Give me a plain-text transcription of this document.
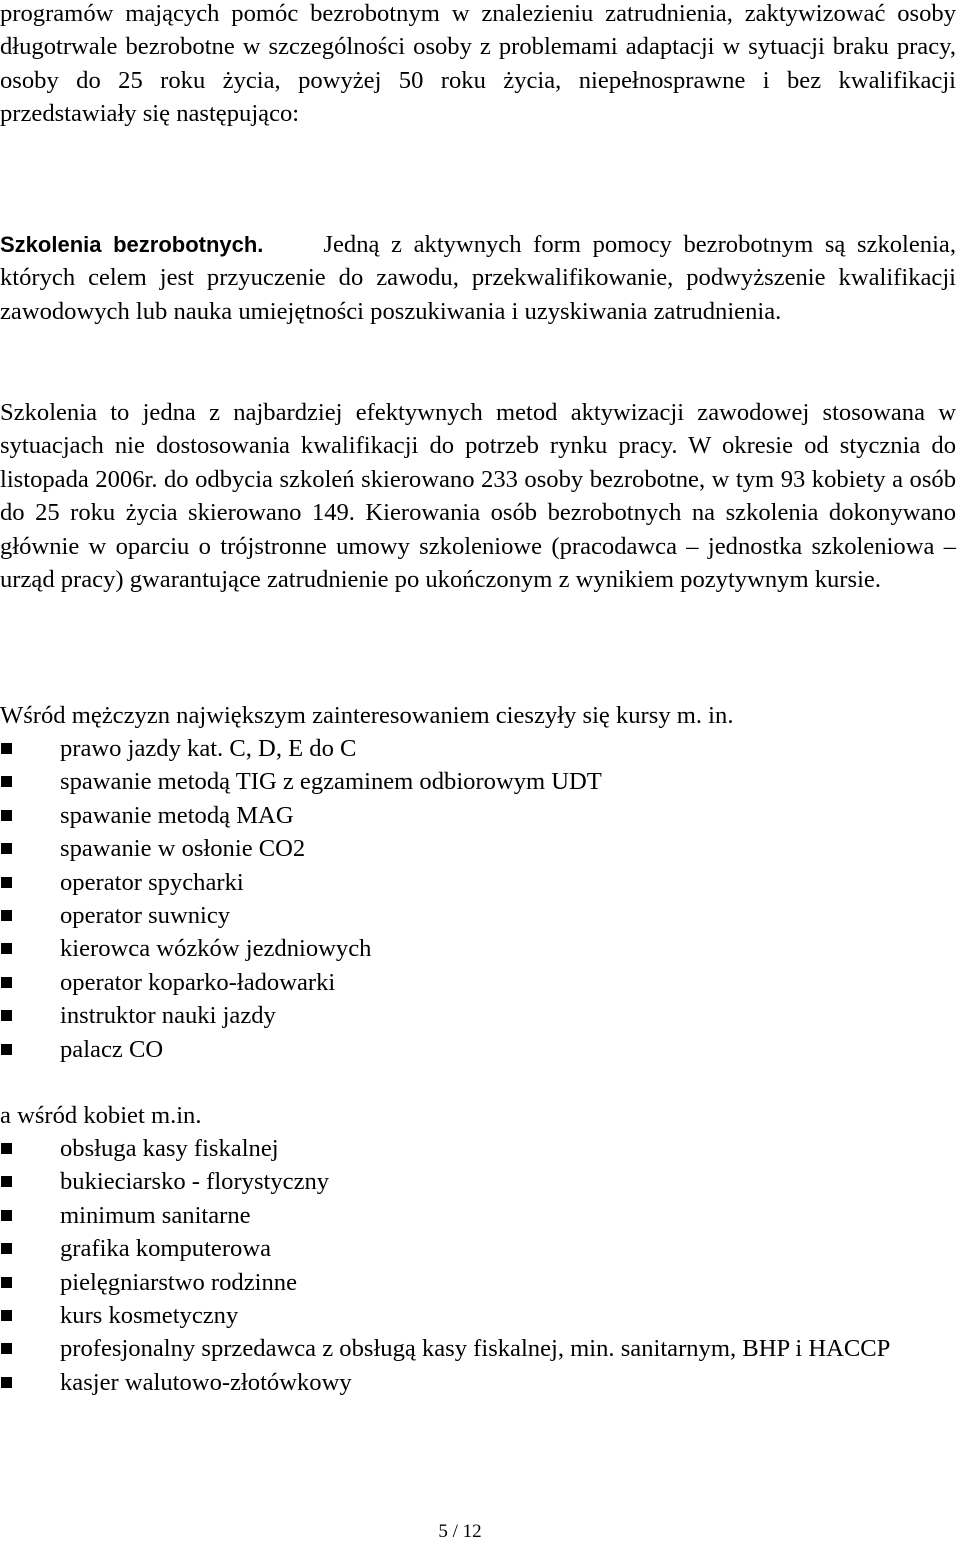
programów mających pomóc bezrobotnym w znalezieniu zatrudnienia, zaktywizować osoby długotrwale bezrobotne w szczególności osoby z problemami adaptacji w sytuacji braku pracy, osoby do 25 roku życia, powyżej 50 roku życia, niepełnosprawne i bez kwalifikacji przedstawiały się następująco:

Szkolenia bezrobotnych. Jedną z aktywnych form pomocy bezrobotnym są szkolenia, których celem jest przyuczenie do zawodu, przekwalifikowanie, podwyższenie kwalifikacji zawodowych lub nauka umiejętności poszukiwania i uzyskiwania zatrudnienia.

Szkolenia to jedna z najbardziej efektywnych metod aktywizacji zawodowej stosowana w sytuacjach nie dostosowania kwalifikacji do potrzeb rynku pracy. W okresie od stycznia do listopada 2006r. do odbycia szkoleń skierowano 233 osoby bezrobotne, w tym 93 kobiety a osób do 25 roku życia skierowano 149. Kierowania osób bezrobotnych na szkolenia dokonywano głównie w oparciu o trójstronne umowy szkoleniowe (pracodawca – jednostka szkoleniowa – urząd pracy) gwarantujące zatrudnienie po ukończonym z wynikiem pozytywnym kursie.

Wśród mężczyzn największym zainteresowaniem cieszyły się kursy m. in.

prawo jazdy kat. C, D, E do C
spawanie metodą TIG z egzaminem odbiorowym UDT
spawanie metodą MAG
spawanie w osłonie CO2
operator spycharki
operator suwnicy
kierowca wózków jezdniowych
operator koparko-ładowarki
instruktor nauki jazdy
palacz CO

a wśród kobiet m.in.

obsługa kasy fiskalnej
bukieciarsko - florystyczny
minimum sanitarne
grafika komputerowa
pielęgniarstwo rodzinne
kurs kosmetyczny
profesjonalny sprzedawca z obsługą kasy fiskalnej, min. sanitarnym, BHP i HACCP
kasjer walutowo-złotówkowy
5 / 12
